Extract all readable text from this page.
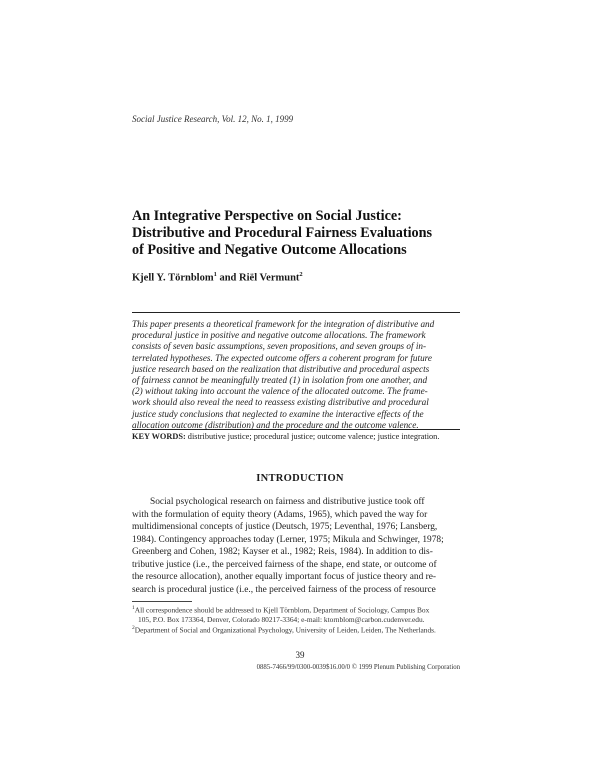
Social Justice Research, Vol. 12, No. 1, 1999
An Integrative Perspective on Social Justice:
Distributive and Procedural Fairness Evaluations
of Positive and Negative Outcome Allocations
Kjell Y. Törnblom$^1$ and Riël Vermunt$^2$
This paper presents a theoretical framework for the integration of distributive and
procedural justice in positive and negative outcome allocations. The framework
consists of seven basic assumptions, seven propositions, and seven groups of in-
terrelated hypotheses. The expected outcome offers a coherent program for future
justice research based on the realization that distributive and procedural aspects
of fairness cannot be meaningfully treated (1) in isolation from one another, and
(2) without taking into account the valence of the allocated outcome. The frame-
work should also reveal the need to reassess existing distributive and procedural
justice study conclusions that neglected to examine the interactive effects of the
allocation outcome (distribution) and the procedure and the outcome valence.
KEY WORDS: distributive justice; procedural justice; outcome valence; justice integration.
INTRODUCTION
Social psychological research on fairness and distributive justice took off
with the formulation of equity theory (Adams, 1965), which paved the way for
multidimensional concepts of justice (Deutsch, 1975; Leventhal, 1976; Lansberg,
1984). Contingency approaches today (Lerner, 1975; Mikula and Schwinger, 1978;
Greenberg and Cohen, 1982; Kayser et al., 1982; Reis, 1984). In addition to dis-
tributive justice (i.e., the perceived fairness of the shape, end state, or outcome of
the resource allocation), another equally important focus of justice theory and re-
search is procedural justice (i.e., the perceived fairness of the process of resource
$^1$All correspondence should be addressed to Kjell Törnblom, Department of Sociology, Campus Box
105, P.O. Box 173364, Denver, Colorado 80217-3364; e-mail: ktornblom@carbon.cudenver.edu.
$^2$Department of Social and Organizational Psychology, University of Leiden, Leiden, The Netherlands.
39
0885-7466/99/0300-0039$16.00/0 © 1999 Plenum Publishing Corporation
